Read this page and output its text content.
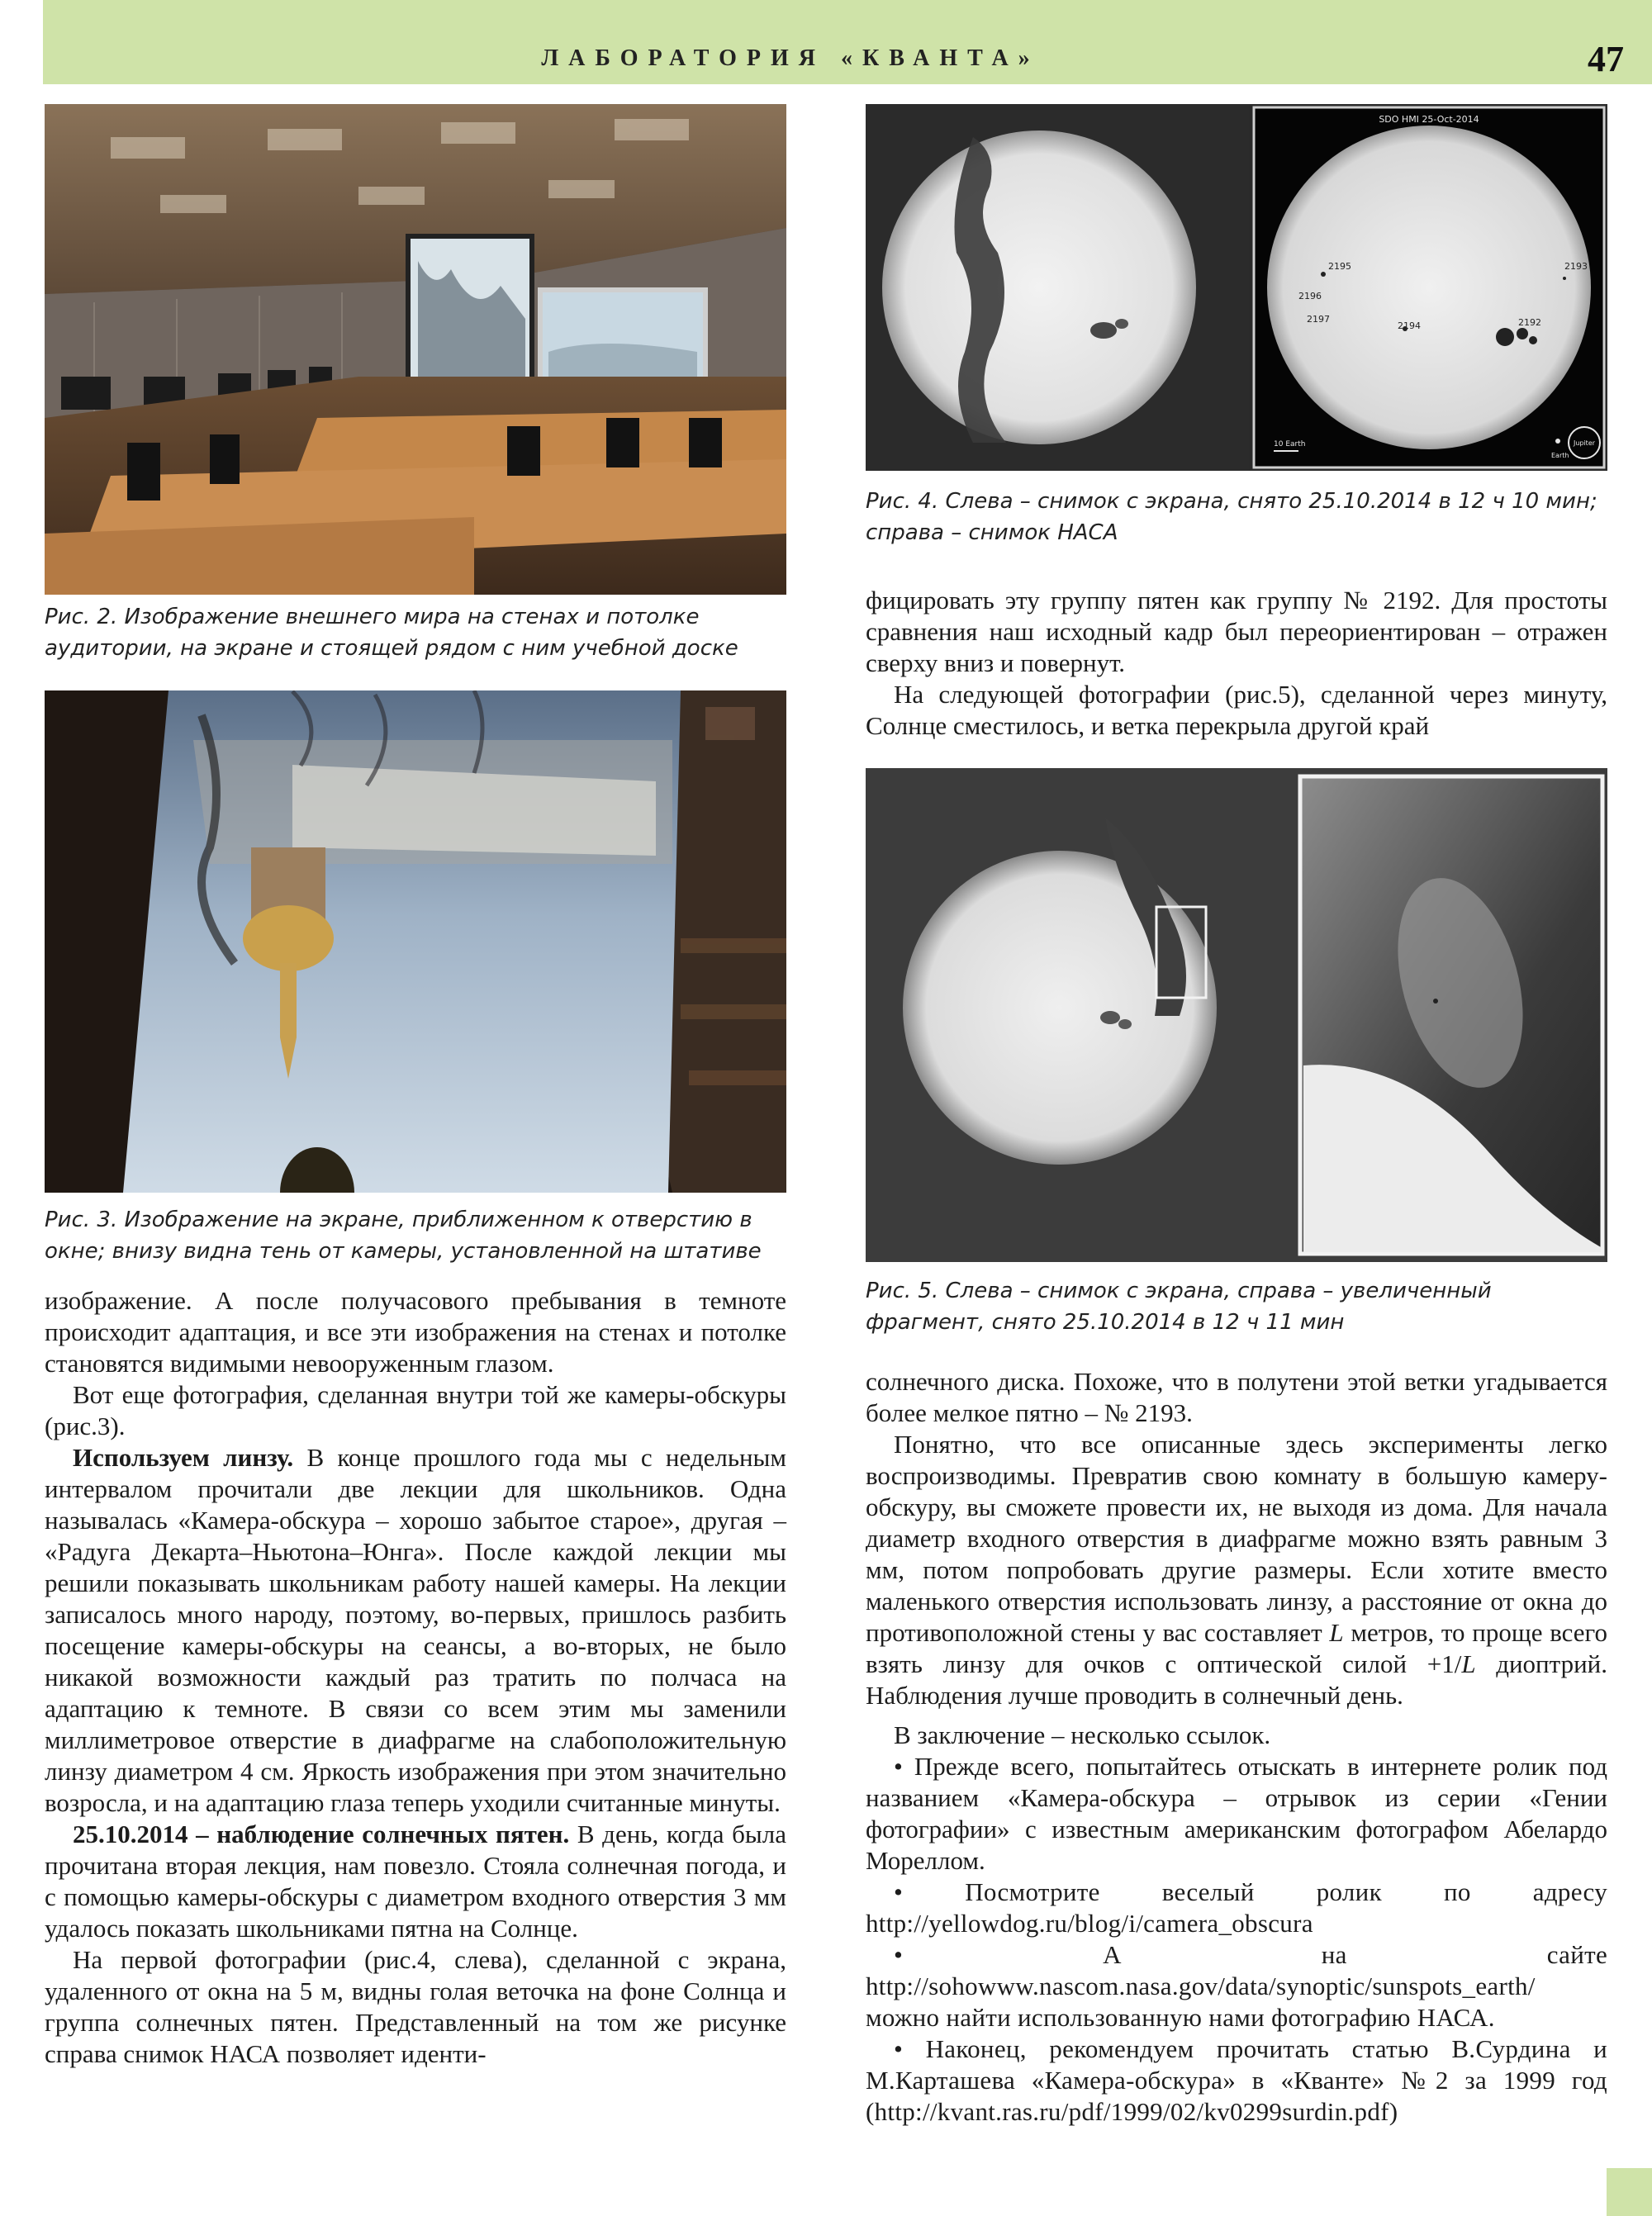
ЛАБОРАТОРИЯ «КВАНТА»	47
Рис. 2. Изображение внешнего мира на стенах и потолке аудитории, на экране и стоящей рядом с ним учебной доске
Рис. 3. Изображение на экране, приближенном к отверстию в окне; внизу видна тень от камеры, установленной на штативе
SDO HMI 25-Oct-2014
2195
2196
2197
2194	2192
2193
10 Earth
Earth
Jupiter
Рис. 4. Слева – снимок с экрана, снято 25.10.2014 в 12 ч 10 мин; справа – снимок НАСА
Рис. 5. Слева – снимок с экрана, справа – увеличенный фрагмент, снято 25.10.2014 в 12 ч 11 мин

изображение. А после получасового пребывания в темноте происходит адаптация, и все эти изображения на стенах и потолке становятся видимыми невооруженным глазом.

Вот еще фотография, сделанная внутри той же камеры-обскуры (рис.3).

Используем линзу. В конце прошлого года мы с недельным интервалом прочитали две лекции для школьников. Одна называлась «Камера-обскура – хорошо забытое старое», другая – «Радуга Декарта–Ньютона–Юнга». После каждой лекции мы решили показывать школьникам работу нашей камеры. На лекции записалось много народу, поэтому, во-первых, пришлось разбить посещение камеры-обскуры на сеансы, а во-вторых, не было никакой возможности каждый раз тратить по полчаса на адаптацию к темноте. В связи со всем этим мы заменили миллиметровое отверстие в диафрагме на слабоположительную линзу диаметром 4 см. Яркость изображения при этом значительно возросла, и на адаптацию глаза теперь уходили считанные минуты.

25.10.2014 – наблюдение солнечных пятен. В день, когда была прочитана вторая лекция, нам повезло. Стояла солнечная погода, и с помощью камеры-обскуры с диаметром входного отверстия 3 мм удалось показать школьниками пятна на Солнце.

На первой фотографии (рис.4, слева), сделанной с экрана, удаленного от окна на 5 м, видны голая веточка на фоне Солнца и группа солнечных пятен. Представленный на том же рисунке справа снимок НАСА позволяет иденти-

фицировать эту группу пятен как группу № 2192. Для простоты сравнения наш исходный кадр был переориентирован – отражен сверху вниз и повернут.

На следующей фотографии (рис.5), сделанной через минуту, Солнце сместилось, и ветка перекрыла другой край

солнечного диска. Похоже, что в полутени этой ветки угадывается более мелкое пятно – № 2193.

Понятно, что все описанные здесь эксперименты легко воспроизводимы. Превратив свою комнату в большую камеру-обскуру, вы сможете провести их, не выходя из дома. Для начала диаметр входного отверстия в диафрагме можно взять равным 3 мм, потом попробовать другие размеры. Если хотите вместо маленького отверстия использовать линзу, а расстояние от окна до противоположной стены у вас составляет L метров, то проще всего взять линзу для очков с оптической силой +1/L диоптрий. Наблюдения лучше проводить в солнечный день.

В заключение – несколько ссылок.

• Прежде всего, попытайтесь отыскать в интернете ролик под названием «Камера-обскура – отрывок из серии «Гении фотографии» с известным американским фотографом Абелардо Мореллом.

• Посмотрите веселый ролик по адресу http://yellowdog.ru/blog/i/camera_obscura

• А на сайте http://sohowww.nascom.nasa.gov/data/synoptic/sunspots_earth/ можно найти использованную нами фотографию НАСА.

• Наконец, рекомендуем прочитать статью В.Сурдина и М.Карташева «Камера-обскура» в «Кванте» №2 за 1999 год (http://kvant.ras.ru/pdf/1999/02/kv0299surdin.pdf)
